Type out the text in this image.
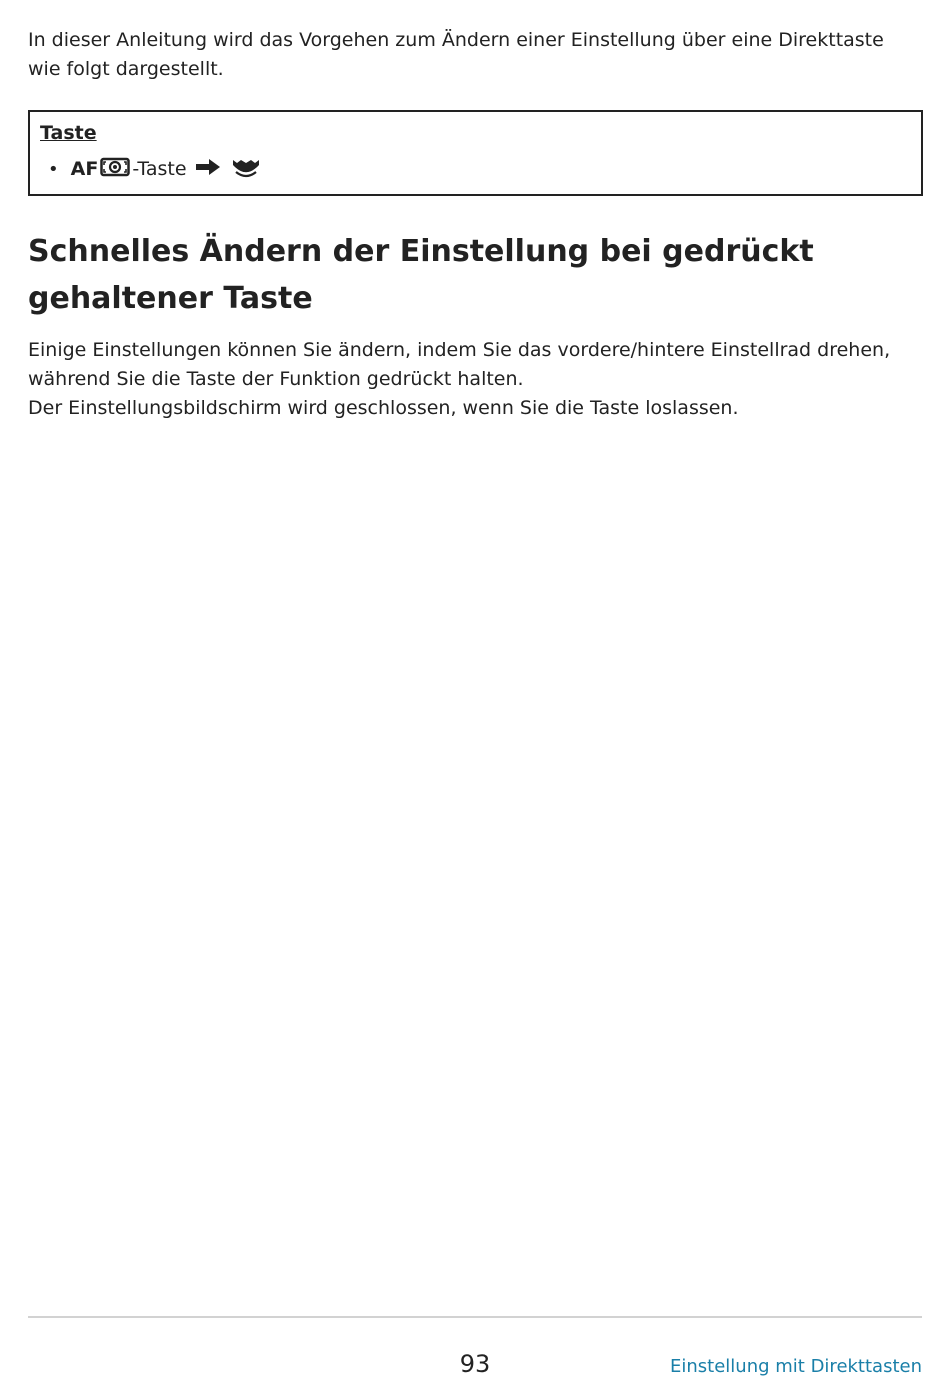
In dieser Anleitung wird das Vorgehen zum Ändern einer Einstellung über eine Direkttaste wie folgt dargestellt.

Taste
• AF -Taste
Schnelles Ändern der Einstellung bei gedrückt gehaltener Taste
Einige Einstellungen können Sie ändern, indem Sie das vordere/hintere Einstellrad drehen, während Sie die Taste der Funktion gedrückt halten.
Der Einstellungsbildschirm wird geschlossen, wenn Sie die Taste loslassen.
93	Einstellung mit Direkttasten
